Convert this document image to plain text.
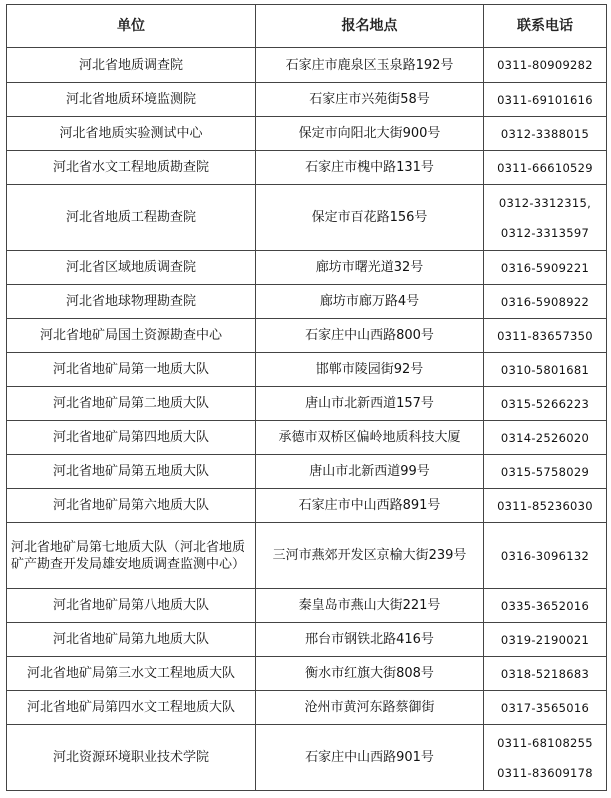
单位	报名地点	联系电话
河北省地质调查院	石家庄市鹿泉区玉泉路192号	0311-80909282

河北省地质环境监测院	石家庄市兴苑街58号	0311-69101616

河北省地质实验测试中心	保定市向阳北大街900号	0312-3388015

河北省水文工程地质勘查院	石家庄市槐中路131号	0311-66610529

河北省地质工程勘查院	保定市百花路156号	0312-3312315,
0312-3313597

河北省区域地质调查院	廊坊市曙光道32号	0316-5909221

河北省地球物理勘查院	廊坊市廊万路4号	0316-5908922

河北省地矿局国土资源勘查中心	石家庄中山西路800号	0311-83657350

河北省地矿局第一地质大队	邯郸市陵园街92号	0310-5801681

河北省地矿局第二地质大队	唐山市北新西道157号	0315-5266223

河北省地矿局第四地质大队	承德市双桥区偏岭地质科技大厦	0314-2526020

河北省地矿局第五地质大队	唐山市北新西道99号	0315-5758029

河北省地矿局第六地质大队	石家庄市中山西路891号	0311-85236030

河北省地矿局第七地质大队（河北省地质矿产勘查开发局雄安地质调查监测中心）	三河市燕郊开发区京榆大街239号	0316-3096132

河北省地矿局第八地质大队	秦皇岛市燕山大街221号	0335-3652016

河北省地矿局第九地质大队	邢台市钢铁北路416号	0319-2190021

河北省地矿局第三水文工程地质大队	衡水市红旗大街808号	0318-5218683

河北省地矿局第四水文工程地质大队	沧州市黄河东路蔡御街	0317-3565016

河北资源环境职业技术学院	石家庄中山西路901号	0311-68108255
0311-83609178
